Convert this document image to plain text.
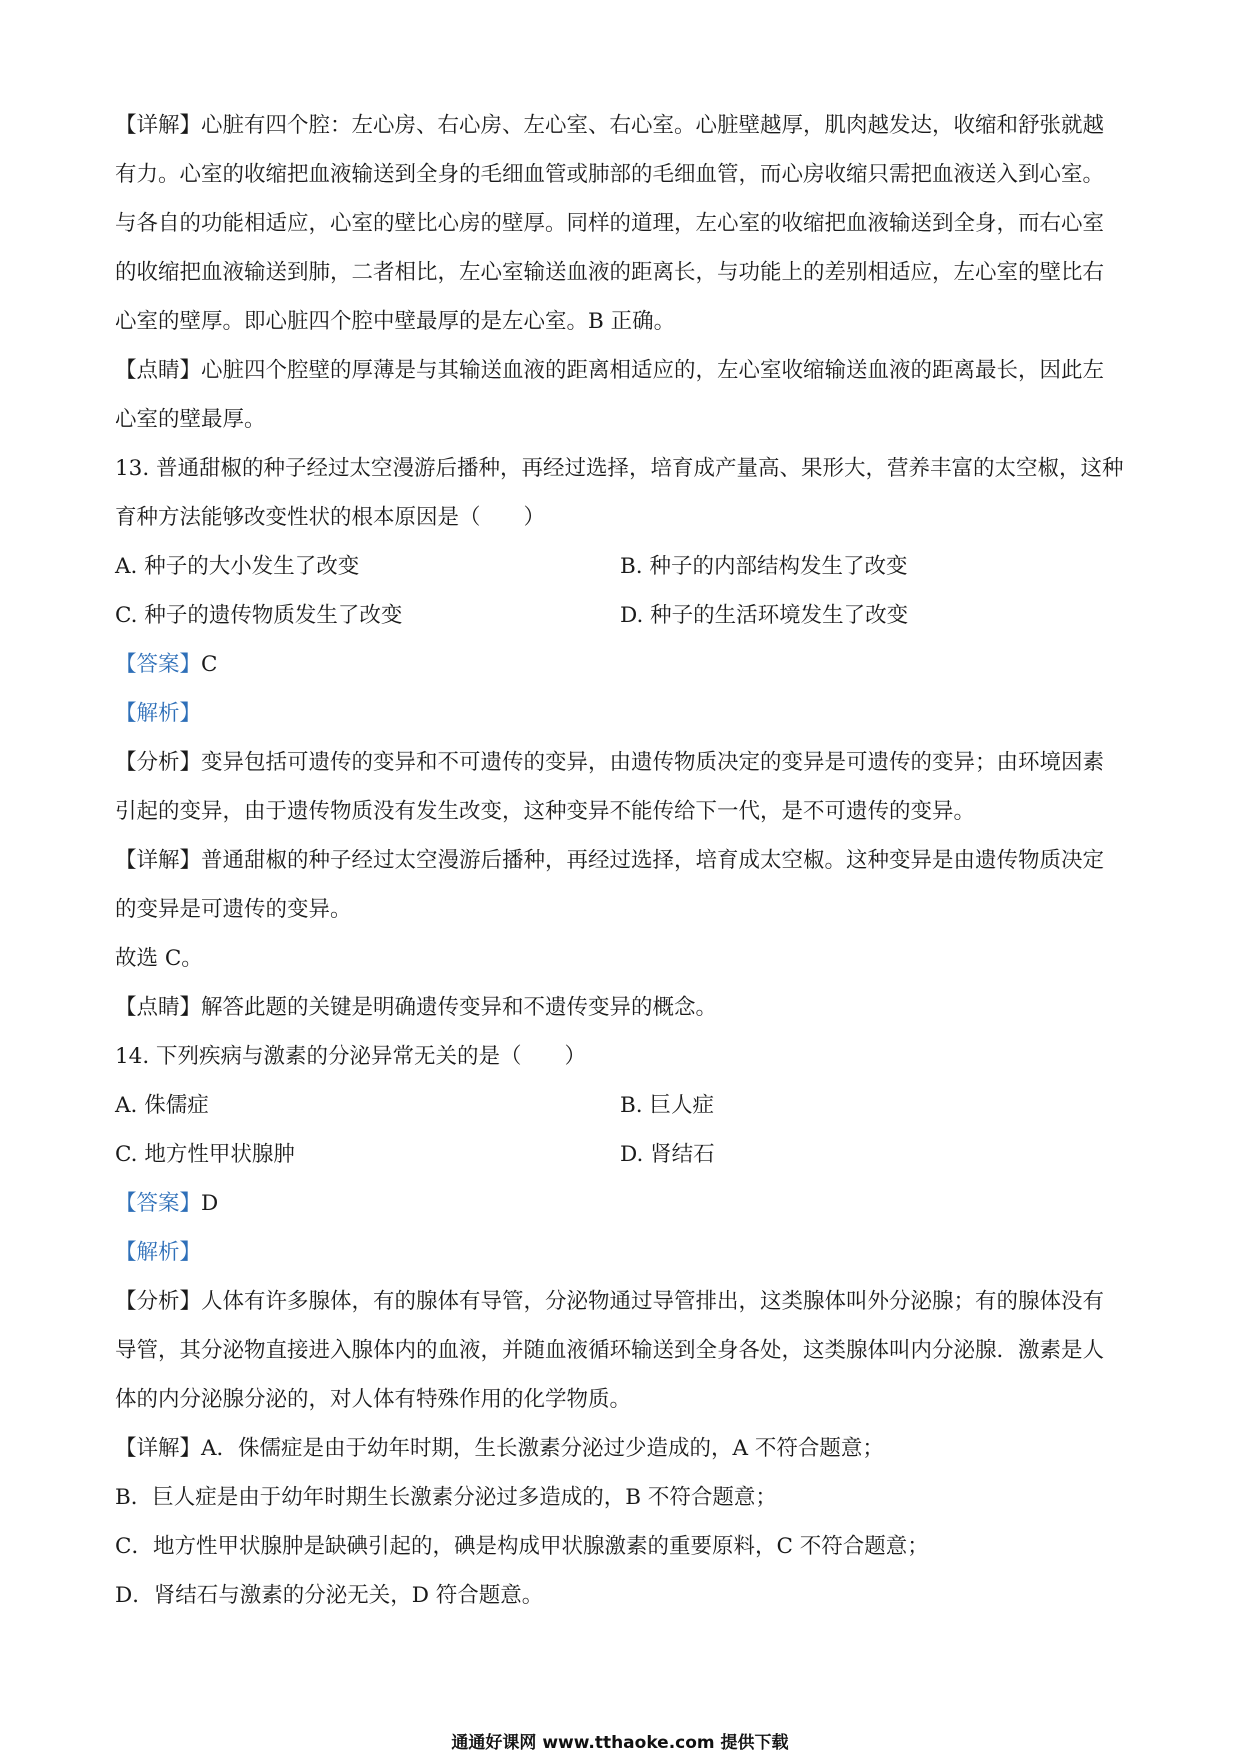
【详解】心脏有四个腔：左心房、右心房、左心室、右心室。心脏壁越厚，肌肉越发达，收缩和舒张就越
有力。心室的收缩把血液输送到全身的毛细血管或肺部的毛细血管，而心房收缩只需把血液送入到心室。
与各自的功能相适应，心室的壁比心房的壁厚。同样的道理，左心室的收缩把血液输送到全身，而右心室
的收缩把血液输送到肺，二者相比，左心室输送血液的距离长，与功能上的差别相适应，左心室的壁比右
心室的壁厚。即心脏四个腔中壁最厚的是左心室。B 正确。
【点睛】心脏四个腔壁的厚薄是与其输送血液的距离相适应的，左心室收缩输送血液的距离最长，因此左
心室的壁最厚。
13. 普通甜椒的种子经过太空漫游后播种，再经过选择，培育成产量高、果形大，营养丰富的太空椒，这种
育种方法能够改变性状的根本原因是（　　）
A. 种子的大小发生了改变	B. 种子的内部结构发生了改变
C. 种子的遗传物质发生了改变	D. 种子的生活环境发生了改变
【答案】C
【解析】
【分析】变异包括可遗传的变异和不可遗传的变异，由遗传物质决定的变异是可遗传的变异；由环境因素
引起的变异，由于遗传物质没有发生改变，这种变异不能传给下一代，是不可遗传的变异。
【详解】普通甜椒的种子经过太空漫游后播种，再经过选择，培育成太空椒。这种变异是由遗传物质决定
的变异是可遗传的变异。
故选 C。
【点睛】解答此题的关键是明确遗传变异和不遗传变异的概念。
14. 下列疾病与激素的分泌异常无关的是（　　）
A. 侏儒症	B. 巨人症
C. 地方性甲状腺肿	D. 肾结石
【答案】D
【解析】
【分析】人体有许多腺体，有的腺体有导管，分泌物通过导管排出，这类腺体叫外分泌腺；有的腺体没有
导管，其分泌物直接进入腺体内的血液，并随血液循环输送到全身各处，这类腺体叫内分泌腺．激素是人
体的内分泌腺分泌的，对人体有特殊作用的化学物质。
【详解】A．侏儒症是由于幼年时期，生长激素分泌过少造成的，A 不符合题意；
B．巨人症是由于幼年时期生长激素分泌过多造成的，B 不符合题意；
C．地方性甲状腺肿是缺碘引起的，碘是构成甲状腺激素的重要原料，C 不符合题意；
D．肾结石与激素的分泌无关，D 符合题意。
通通好课网 www.tthaoke.com 提供下载
